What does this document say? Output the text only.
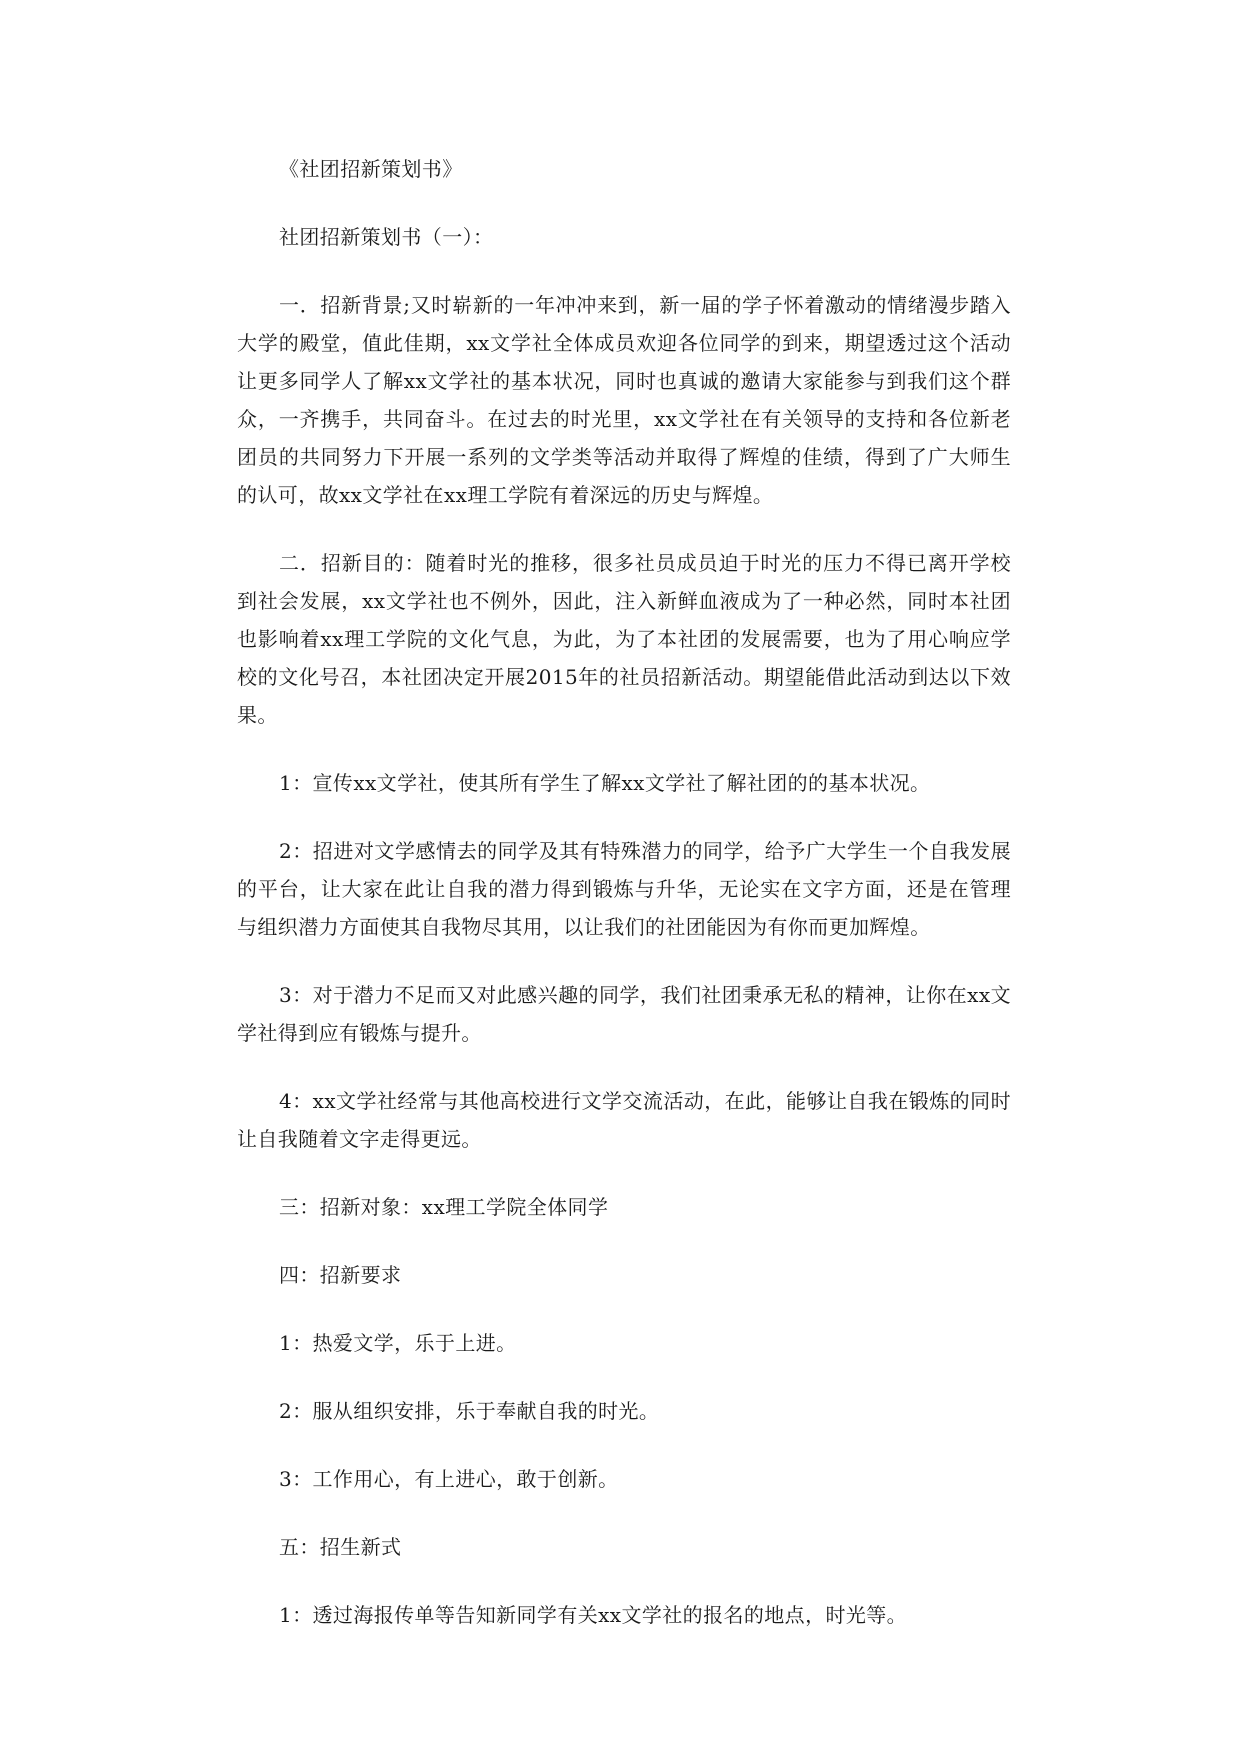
《社团招新策划书》

社团招新策划书（一）：

一．招新背景;又时崭新的一年冲冲来到，新一届的学子怀着激动的情绪漫步踏入大学的殿堂，值此佳期，xx文学社全体成员欢迎各位同学的到来，期望透过这个活动让更多同学人了解xx文学社的基本状况，同时也真诚的邀请大家能参与到我们这个群众，一齐携手，共同奋斗。在过去的时光里，xx文学社在有关领导的支持和各位新老团员的共同努力下开展一系列的文学类等活动并取得了辉煌的佳绩，得到了广大师生的认可，故xx文学社在xx理工学院有着深远的历史与辉煌。

二．招新目的：随着时光的推移，很多社员成员迫于时光的压力不得已离开学校到社会发展，xx文学社也不例外，因此，注入新鲜血液成为了一种必然，同时本社团也影响着xx理工学院的文化气息，为此，为了本社团的发展需要，也为了用心响应学校的文化号召，本社团决定开展2015年的社员招新活动。期望能借此活动到达以下效果。

1：宣传xx文学社，使其所有学生了解xx文学社了解社团的的基本状况。

2：招进对文学感情去的同学及其有特殊潜力的同学，给予广大学生一个自我发展的平台，让大家在此让自我的潜力得到锻炼与升华，无论实在文字方面，还是在管理与组织潜力方面使其自我物尽其用，以让我们的社团能因为有你而更加辉煌。

3：对于潜力不足而又对此感兴趣的同学，我们社团秉承无私的精神，让你在xx文学社得到应有锻炼与提升。

4：xx文学社经常与其他高校进行文学交流活动，在此，能够让自我在锻炼的同时让自我随着文字走得更远。

三：招新对象：xx理工学院全体同学

四：招新要求

1：热爱文学，乐于上进。

2：服从组织安排，乐于奉献自我的时光。

3：工作用心，有上进心，敢于创新。

五：招生新式

1：透过海报传单等告知新同学有关xx文学社的报名的地点，时光等。
